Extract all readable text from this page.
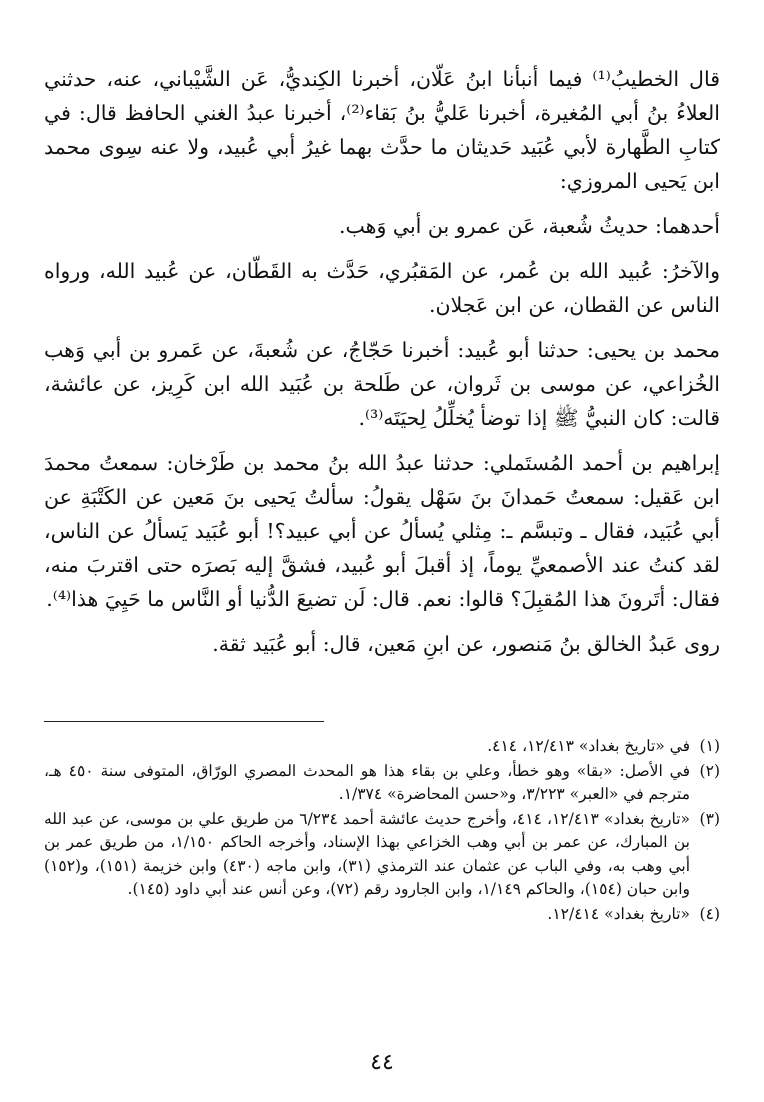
قال الخطيبُ⁽¹⁾ فيما أنبأنا ابنُ عَلّان، أخبرنا الكِنديُّ، عَن الشَّيْباني، عنه، حدثني العلاءُ بنُ أبي المُغيرة، أخبرنا عَليُّ بنُ بَقاء⁽²⁾، أخبرنا عبدُ الغني الحافظ قال: في كتابِ الطَّهارة لأبي عُبَيد حَديثان ما حدَّث بهما غيرُ أبي عُبيد، ولا عنه سِوى محمد ابن يَحيى المروزي:

أحدهما: حديثُ شُعبة، عَن عمرو بن أبي وَهب.

والآخرُ: عُبيد الله بن عُمر، عن المَقبُري، حَدَّث به القَطّان، عن عُبيد الله، ورواه الناس عن القطان، عن ابن عَجلان.

محمد بن يحيى: حدثنا أبو عُبيد: أخبرنا حَجّاجُ، عن شُعبةَ، عن عَمرو بن أبي وَهب الخُزاعي، عن موسى بن ثَروان، عن طَلحة بن عُبَيد الله ابن كَرِيز، عن عائشة، قالت: كان النبيُّ ﷺ إذا توضأ يُخلِّلُ لِحيَتَه⁽³⁾.

إبراهيم بن أحمد المُستَملي: حدثنا عبدُ الله بنُ محمد بن طَرْخان: سمعتُ محمدَ ابن عَقيل: سمعتُ حَمدانَ بنَ سَهْل يقولُ: سألتُ يَحيى بنَ مَعين عن الكَتْبَةِ عن أبي عُبَيد، فقال ـ وتبسَّم ـ: مِثلي يُسألُ عن أبي عبيد؟! أبو عُبَيد يَسألُ عن الناس، لقد كنتُ عند الأصمعيِّ يوماً، إذ أقبلَ أبو عُبيد، فشقَّ إليه بَصرَه حتى اقتربَ منه، فقال: أتَرونَ هذا المُقبِلَ؟ قالوا: نعم. قال: لَن تضيعَ الدُّنيا أو النَّاس ما حَيِيَ هذا⁽⁴⁾.

روى عَبدُ الخالق بنُ مَنصور، عن ابنِ مَعين، قال: أبو عُبَيد ثقة.

(١)
في «تاريخ بغداد» ١٢/٤١٣، ٤١٤.
(٢)
في الأصل: «بقا» وهو خطأ، وعلي بن بقاء هذا هو المحدث المصري الورّاق، المتوفى سنة ٤٥٠ هـ، مترجم في «العبر» ٣/٢٢٣، و«حسن المحاضرة» ١/٣٧٤.
(٣)
«تاريخ بغداد» ١٢/٤١٣، ٤١٤، وأخرج حديث عائشة أحمد ٦/٢٣٤ من طريق علي بن موسى، عن عبد الله بن المبارك، عن عمر بن أبي وهب الخزاعي بهذا الإسناد، وأخرجه الحاكم ١/١٥٠، من طريق عمر بن أبي وهب به، وفي الباب عن عثمان عند الترمذي (٣١)، وابن ماجه (٤٣٠) وابن خزيمة (١٥١)، و(١٥٢) وابن حبان (١٥٤)، والحاكم ١/١٤٩، وابن الجارود رقم (٧٢)، وعن أنس عند أبي داود (١٤٥).
(٤)
«تاريخ بغداد» ١٢/٤١٤.
٤٤
